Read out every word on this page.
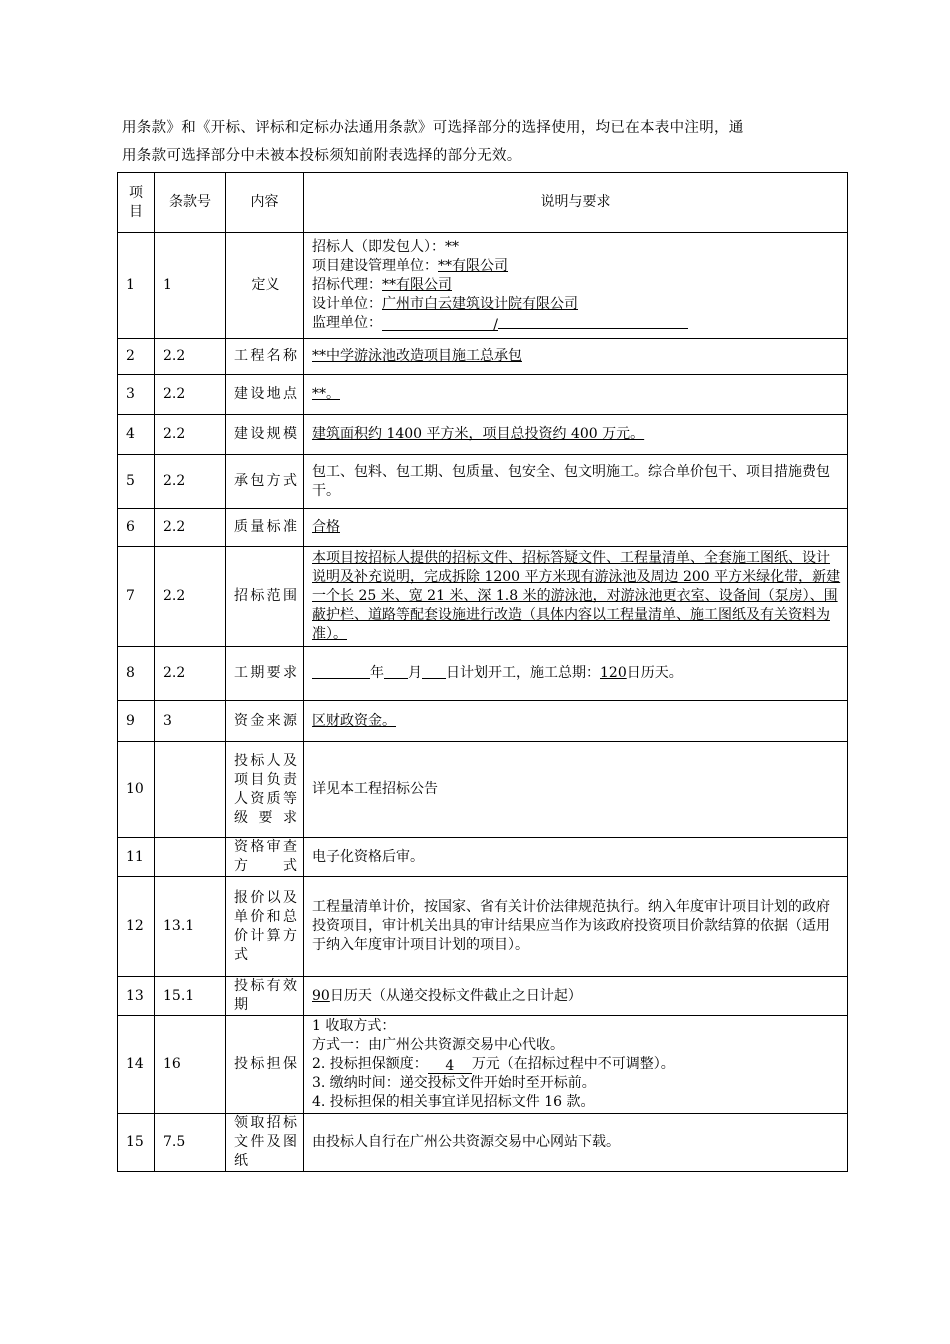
用条款》和《开标、评标和定标办法通用条款》可选择部分的选择使用，均已在本表中注明，通

用条款可选择部分中未被本投标须知前附表选择的部分无效。

项目	条款号	内容	说明与要求
1	1	定义	招标人（即发包人）：**
项目建设管理单位：**有限公司
招标代理：**有限公司
设计单位：广州市白云建筑设计院有限公司
监理单位： /

2	2.2	工程名称	**中学游泳池改造项目施工总承包
3	2.2	建设地点	**。
4	2.2	建设规模	建筑面积约 1400 平方米，项目总投资约 400 万元。
5	2.2	承包方式	包工、包料、包工期、包质量、包安全、包文明施工。综合单价包干、项目措施费包干。
6	2.2	质量标准	合格
7	2.2	招标范围	本项目按招标人提供的招标文件、招标答疑文件、工程量清单、全套施工图纸、设计说明及补充说明，完成拆除 1200 平方米现有游泳池及周边 200 平方米绿化带，新建一个长 25 米、宽 21 米、深 1.8 米的游泳池，对游泳池更衣室、设备间（泵房）、围蔽护栏、道路等配套设施进行改造（具体内容以工程量清单、施工图纸及有关资料为准）。
8	2.2	工期要求	年 月 日计划开工，施工总期：120日历天。
9	3	资金来源	区财政资金。
10		投标人及项目负责人资质等级要求	详见本工程招标公告
11		资格审查方式	电子化资格后审。
12	13.1	报价以及单价和总价计算方式	工程量清单计价，按国家、省有关计价法律规范执行。纳入年度审计项目计划的政府投资项目，审计机关出具的审计结果应当作为该政府投资项目价款结算的依据（适用于纳入年度审计项目计划的项目）。
13	15.1	投标有效期	90日历天（从递交投标文件截止之日计起）
14	16	投标担保	1 收取方式：
方式一：由广州公共资源交易中心代收。
2. 投标担保额度： 4 万元（在招标过程中不可调整）。
3. 缴纳时间：递交投标文件开始时至开标前。
4. 投标担保的相关事宜详见招标文件 16 款。

15	7.5	领取招标文件及图纸	由投标人自行在广州公共资源交易中心网站下载。
